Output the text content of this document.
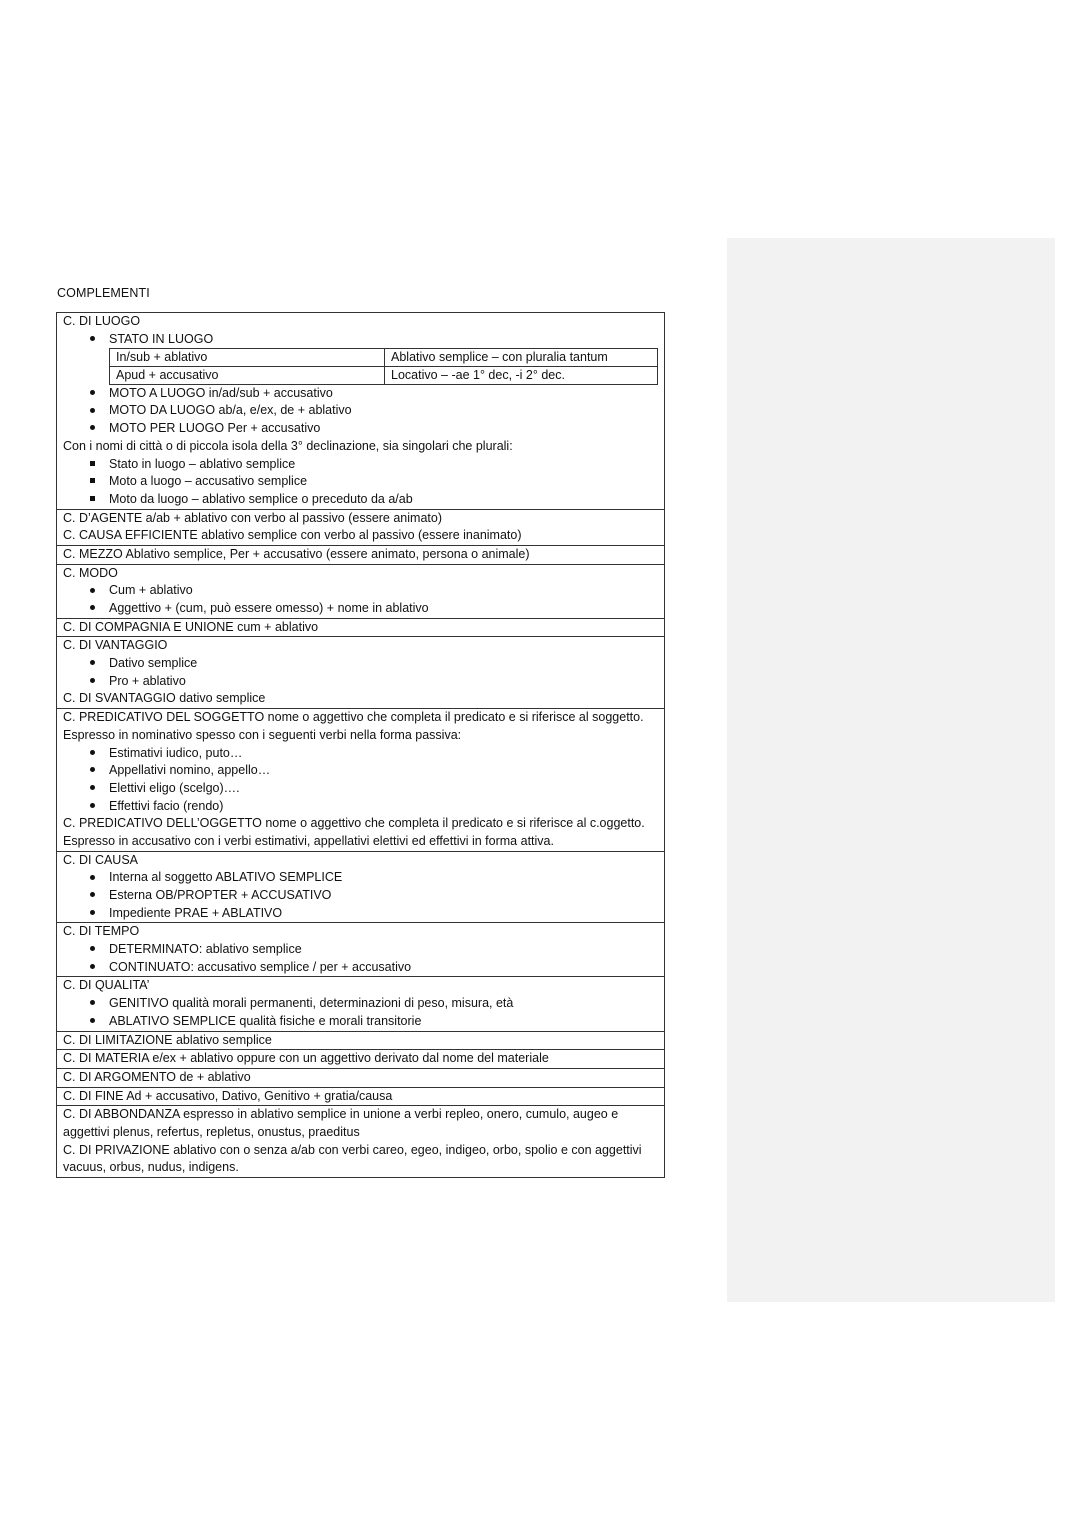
COMPLEMENTI
C. DI LUOGO
STATO IN LUOGO
In/sub + ablativo	Ablativo semplice – con pluralia tantum
Apud + accusativo	Locativo – -ae 1° dec, -i 2° dec.
MOTO A LUOGO in/ad/sub + accusativo
MOTO DA LUOGO ab/a, e/ex, de + ablativo
MOTO PER LUOGO Per + accusativo
Con i nomi di città o di piccola isola della 3° declinazione, sia singolari che plurali:
Stato in luogo – ablativo semplice
Moto a luogo – accusativo semplice
Moto da luogo – ablativo semplice o preceduto da a/ab
C. D’AGENTE a/ab + ablativo con verbo al passivo (essere animato)
C. CAUSA EFFICIENTE ablativo semplice con verbo al passivo (essere inanimato)
C. MEZZO Ablativo semplice, Per + accusativo (essere animato, persona o animale)
C. MODO
Cum + ablativo
Aggettivo + (cum, può essere omesso) + nome in ablativo
C. DI COMPAGNIA E UNIONE cum + ablativo
C. DI VANTAGGIO
Dativo semplice
Pro + ablativo
C. DI SVANTAGGIO dativo semplice
C. PREDICATIVO DEL SOGGETTO nome o aggettivo che completa il predicato e si riferisce al soggetto.
Espresso in nominativo spesso con i seguenti verbi nella forma passiva:
Estimativi iudico, puto…
Appellativi nomino, appello…
Elettivi eligo (scelgo)….
Effettivi facio (rendo)
C. PREDICATIVO DELL’OGGETTO nome o aggettivo che completa il predicato e si riferisce al c.oggetto.
Espresso in accusativo con i verbi estimativi, appellativi elettivi ed effettivi in forma attiva.
C. DI CAUSA
Interna al soggetto ABLATIVO SEMPLICE
Esterna OB/PROPTER + ACCUSATIVO
Impediente PRAE + ABLATIVO
C. DI TEMPO
DETERMINATO: ablativo semplice
CONTINUATO: accusativo semplice / per + accusativo
C. DI QUALITA’
GENITIVO qualità morali permanenti, determinazioni di peso, misura, età
ABLATIVO SEMPLICE qualità fisiche e morali transitorie
C. DI LIMITAZIONE ablativo semplice
C. DI MATERIA e/ex + ablativo oppure con un aggettivo derivato dal nome del materiale
C. DI ARGOMENTO de + ablativo
C. DI FINE Ad + accusativo, Dativo, Genitivo + gratia/causa
C. DI ABBONDANZA espresso in ablativo semplice in unione a verbi repleo, onero, cumulo, augeo e
aggettivi plenus, refertus, repletus, onustus, praeditus
C. DI PRIVAZIONE ablativo con o senza a/ab con verbi careo, egeo, indigeo, orbo, spolio e con aggettivi
vacuus, orbus, nudus, indigens.
